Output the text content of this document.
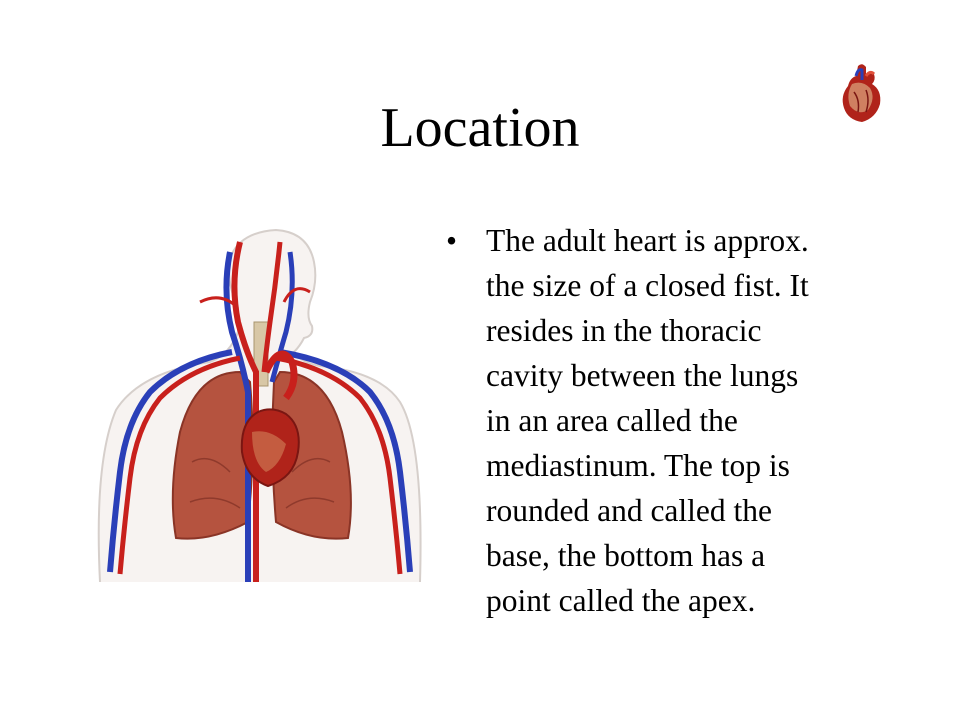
Location
• The adult heart is approx.
the size of a closed fist. It
resides in the thoracic
cavity between the lungs
in an area called the
mediastinum. The top is
rounded and called the
base, the bottom has a
point called the apex.
